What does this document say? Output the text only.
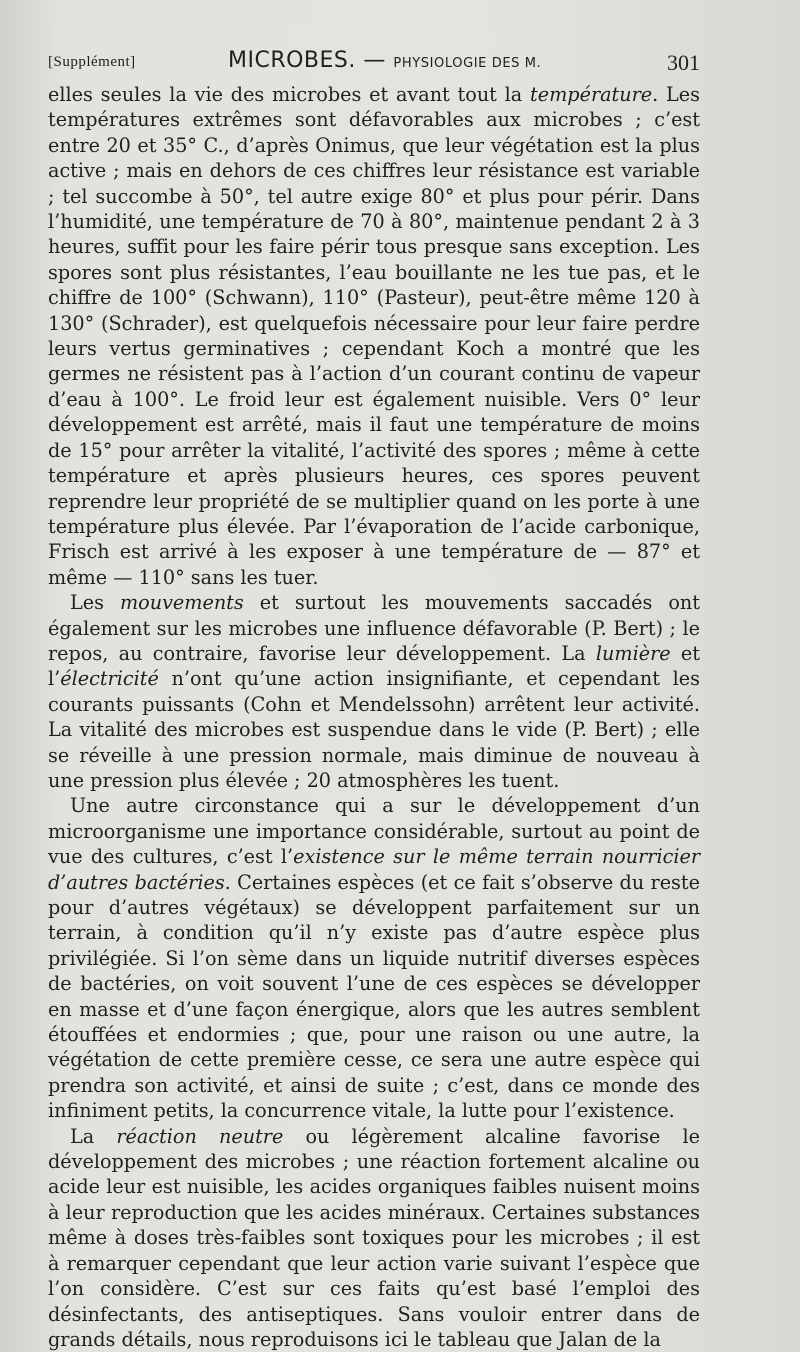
[Supplément]	MICROBES. — PHYSIOLOGIE DES M.	301

elles seules la vie des microbes et avant tout la température. Les températures extrêmes sont défavorables aux microbes ; c’est entre 20 et 35° C., d’après Onimus, que leur végétation est la plus active ; mais en dehors de ces chiffres leur résistance est variable ; tel succombe à 50°, tel autre exige 80° et plus pour périr. Dans l’humidité, une température de 70 à 80°, maintenue pendant 2 à 3 heures, suffit pour les faire périr tous presque sans exception. Les spores sont plus résistantes, l’eau bouillante ne les tue pas, et le chiffre de 100° (Schwann), 110° (Pasteur), peut-être même 120 à 130° (Schrader), est quelquefois nécessaire pour leur faire perdre leurs vertus germinatives ; cependant Koch a montré que les germes ne résistent pas à l’action d’un courant continu de vapeur d’eau à 100°. Le froid leur est également nuisible. Vers 0° leur développement est arrêté, mais il faut une température de moins de 15° pour arrêter la vitalité, l’activité des spores ; même à cette température et après plusieurs heures, ces spores peuvent reprendre leur propriété de se multiplier quand on les porte à une température plus élevée. Par l’évaporation de l’acide carbonique, Frisch est arrivé à les exposer à une température de — 87° et même — 110° sans les tuer.

Les mouvements et surtout les mouvements saccadés ont également sur les microbes une influence défavorable (P. Bert) ; le repos, au contraire, favorise leur développement. La lumière et l’électricité n’ont qu’une action insignifiante, et cependant les courants puissants (Cohn et Mendelssohn) arrêtent leur activité. La vitalité des microbes est suspendue dans le vide (P. Bert) ; elle se réveille à une pression normale, mais diminue de nouveau à une pression plus élevée ; 20 atmosphères les tuent.

Une autre circonstance qui a sur le développement d’un microorganisme une importance considérable, surtout au point de vue des cultures, c’est l’existence sur le même terrain nourricier d’autres bactéries. Certaines espèces (et ce fait s’observe du reste pour d’autres végétaux) se développent parfaitement sur un terrain, à condition qu’il n’y existe pas d’autre espèce plus privilégiée. Si l’on sème dans un liquide nutritif diverses espèces de bactéries, on voit souvent l’une de ces espèces se développer en masse et d’une façon énergique, alors que les autres semblent étouffées et endormies ; que, pour une raison ou une autre, la végétation de cette première cesse, ce sera une autre espèce qui prendra son activité, et ainsi de suite ; c’est, dans ce monde des infiniment petits, la concurrence vitale, la lutte pour l’existence.

La réaction neutre ou légèrement alcaline favorise le développement des microbes ; une réaction fortement alcaline ou acide leur est nuisible, les acides organiques faibles nuisent moins à leur reproduction que les acides minéraux. Certaines substances même à doses très-faibles sont toxiques pour les microbes ; il est à remarquer cependant que leur action varie suivant l’espèce que l’on considère. C’est sur ces faits qu’est basé l’emploi des désinfectants, des antiseptiques. Sans vouloir entrer dans de grands détails, nous reproduisons ici le tableau que Jalan de la
